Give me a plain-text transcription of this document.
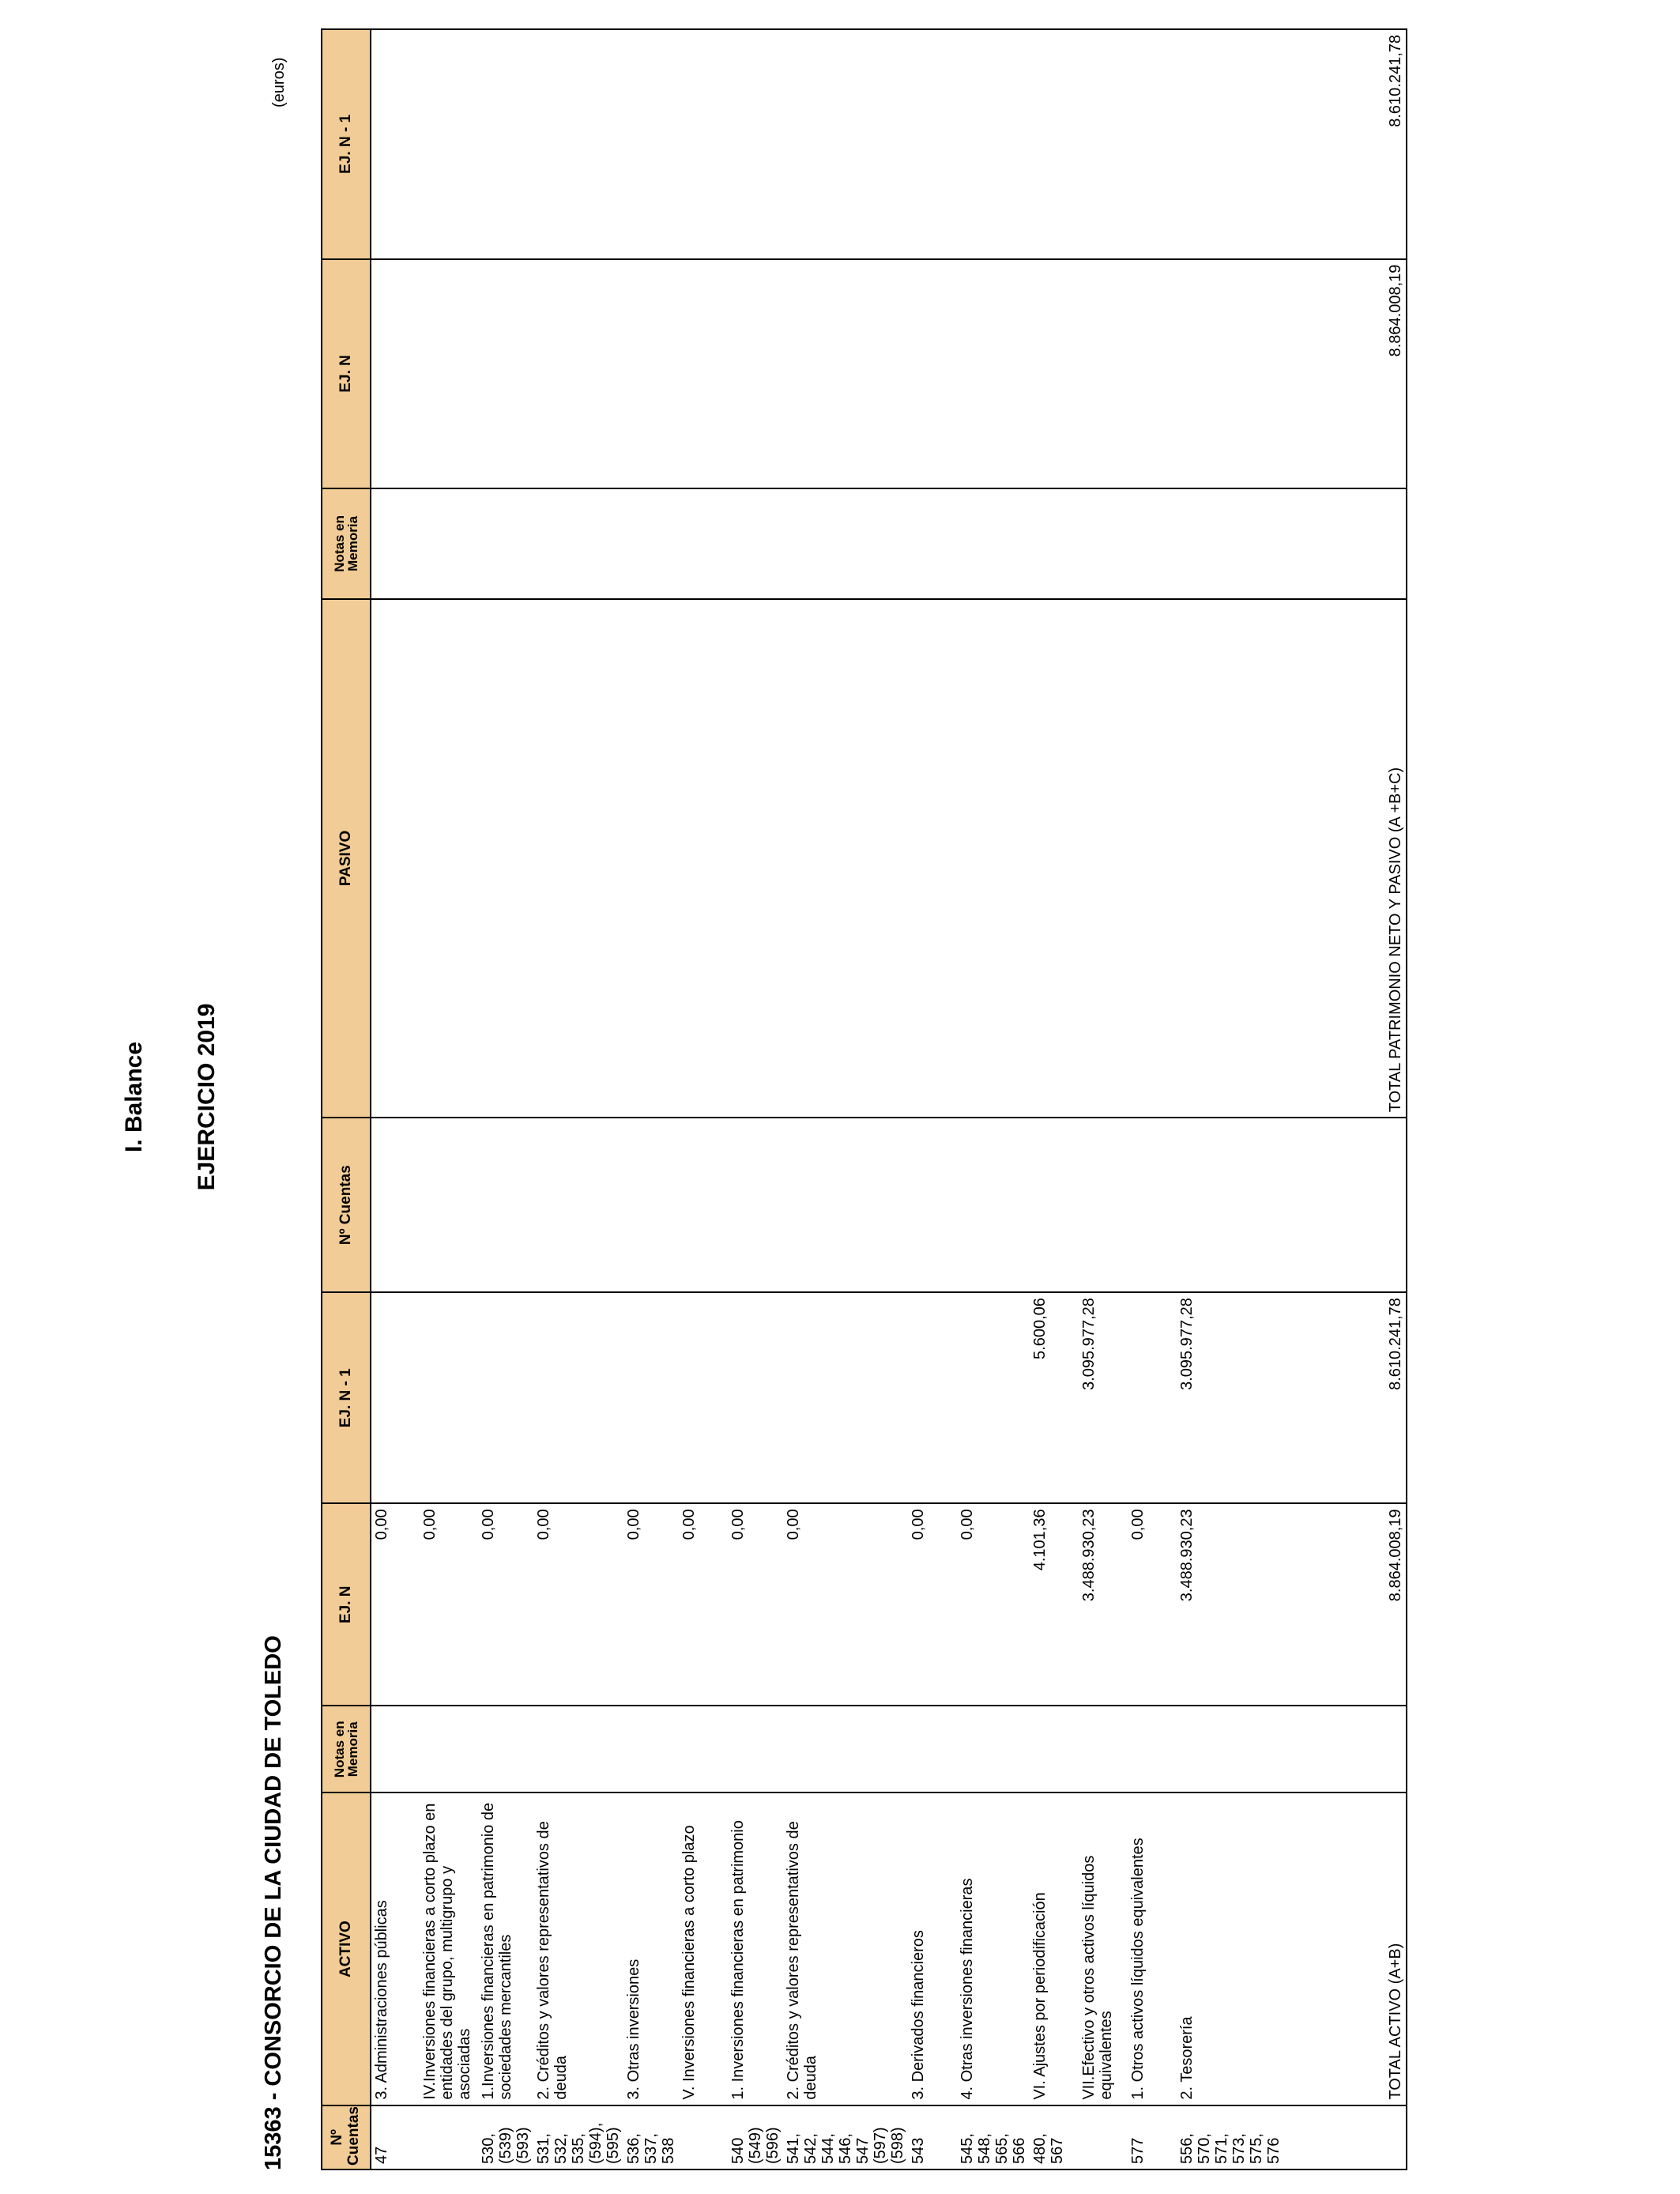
I. Balance EJERCICIO 2019
15363 - CONSORCIO DE LA CIUDAD DE TOLEDO
(euros)
Nº Cuentas	ACTIVO	Notas en Memoria	EJ. N	EJ. N - 1	Nº Cuentas	PASIVO	Notas en Memoria	EJ. N	EJ. N - 1
47	3. Administraciones públicas		0,00						
	IV.Inversiones financieras a corto plazo en entidades del grupo, multigrupo y asociadas		0,00						
530, (539) (593)	1.Inversiones financieras en patrimonio de sociedades mercantiles		0,00						
531, 532, 535, (594), (595)	2. Créditos y valores representativos de deuda		0,00						
536, 537, 538	3. Otras inversiones		0,00						
	V. Inversiones financieras a corto plazo		0,00						
540 (549) (596)	1. Inversiones financieras en patrimonio		0,00						
541, 542, 544, 546, 547 (597) (598)	2. Créditos y valores representativos de deuda		0,00						
543	3. Derivados financieros		0,00						
545, 548, 565, 566	4. Otras inversiones financieras		0,00						
480, 567	VI. Ajustes por periodificación		4.101,36	5.600,06					
	VII.Efectivo y otros activos líquidos equivalentes		3.488.930,23	3.095.977,28					
577	1. Otros activos líquidos equivalentes		0,00						
556, 570, 571, 573, 575, 576	2. Tesorería		3.488.930,23	3.095.977,28					
	TOTAL ACTIVO (A+B)		8.864.008,19	8.610.241,78		TOTAL PATRIMONIO NETO Y PASIVO (A +B+C)		8.864.008,19	8.610.241,78
